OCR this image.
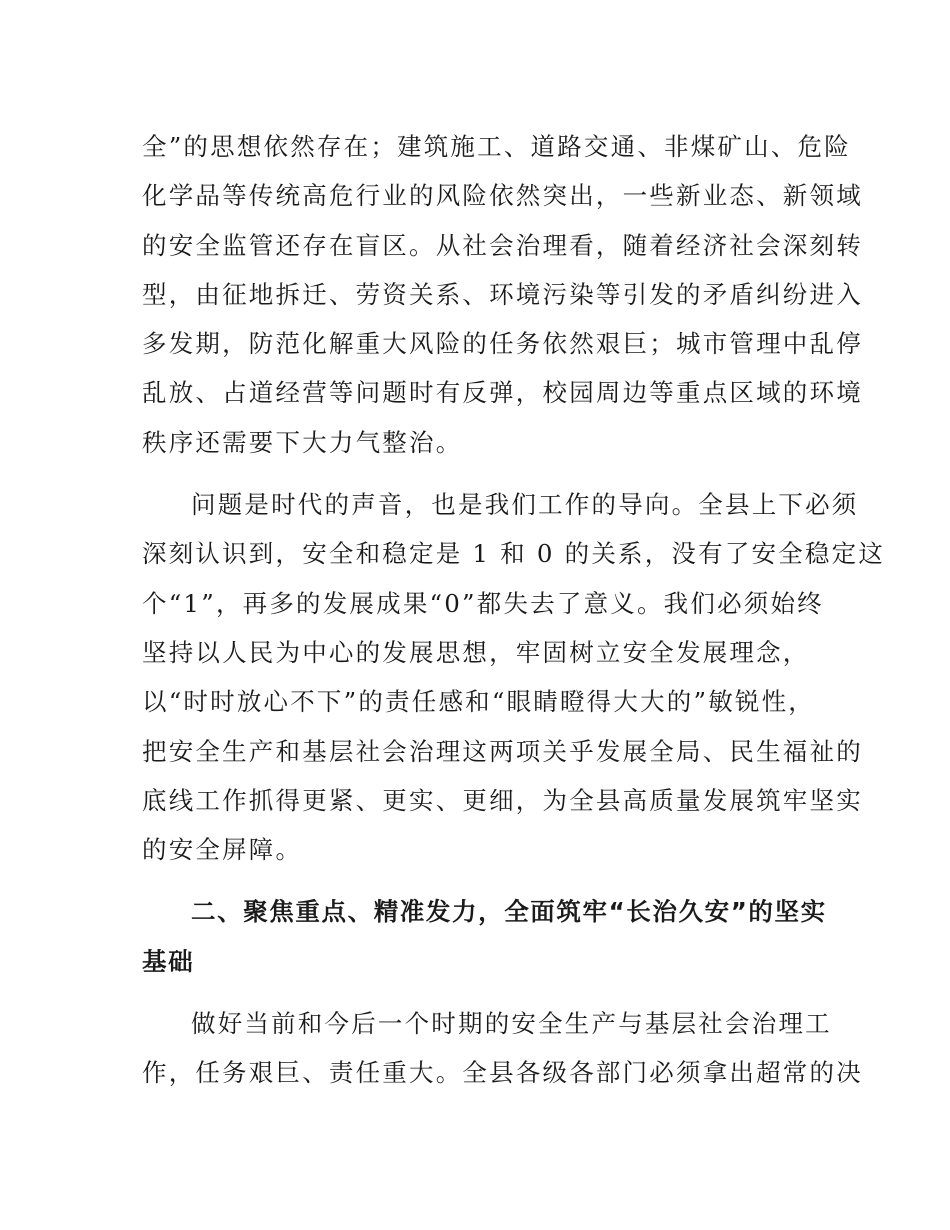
全”的思想依然存在；建筑施工、道路交通、非煤矿山、危险
化学品等传统高危行业的风险依然突出，一些新业态、新领域
的安全监管还存在盲区。从社会治理看，随着经济社会深刻转
型，由征地拆迁、劳资关系、环境污染等引发的矛盾纠纷进入
多发期，防范化解重大风险的任务依然艰巨；城市管理中乱停
乱放、占道经营等问题时有反弹，校园周边等重点区域的环境
秩序还需要下大力气整治。
问题是时代的声音，也是我们工作的导向。全县上下必须
深刻认识到，安全和稳定是 1 和 0 的关系，没有了安全稳定这
个“1”，再多的发展成果“0”都失去了意义。我们必须始终
坚持以人民为中心的发展思想，牢固树立安全发展理念，
以“时时放心不下”的责任感和“眼睛瞪得大大的”敏锐性，
把安全生产和基层社会治理这两项关乎发展全局、民生福祉的
底线工作抓得更紧、更实、更细，为全县高质量发展筑牢坚实
的安全屏障。
二、聚焦重点、精准发力，全面筑牢“长治久安”的坚实
基础
做好当前和今后一个时期的安全生产与基层社会治理工
作，任务艰巨、责任重大。全县各级各部门必须拿出超常的决
